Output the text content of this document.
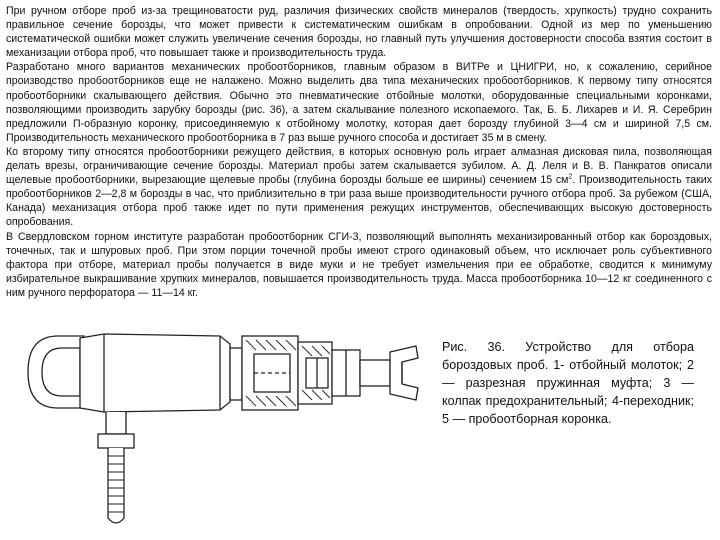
При ручном отборе проб из-за трещиноватости руд, различия физических свойств минералов (твердость, хрупкость) трудно сохранить правильное сечение борозды, что может привести к систематическим ошибкам в опробовании. Одной из мер по уменьшению систематической ошибки может служить увеличение сечения борозды, но главный путь улучшения достоверности способа взятия состоит в механизации отбора проб, что повышает также и производительность труда.

Разработано много вариантов механических пробоотборников, главным образом в ВИТРе и ЦНИГРИ, но, к сожалению, серийное производство пробоотборников еще не налажено. Можно выделить два типа механических пробоотборников. К первому типу относятся пробоотборники скалывающего действия. Обычно это пневматические отбойные молотки, оборудованные специальными коронками, позволяющими производить зарубку борозды (рис. 36), а затем скалывание полезного ископаемого. Так, Б. Б. Лихарев и И. Я. Серебрин предложили П-образную коронку, присоединяемую к отбойному молотку, которая дает борозду глубиной 3—4 см и шириной 7,5 см. Производительность механического пробоотборника в 7 раз выше ручного способа и достигает 35 м в смену.

Ко второму типу относятся пробоотборники режущего действия, в которых основную роль играет алмазная дисковая пила, позволяющая делать врезы, ограничивающие сечение борозды. Материал пробы затем скалывается зубилом. А. Д. Леля и В. В. Панкратов описали щелевые пробоотборники, вырезающие щелевые пробы (глубина борозды больше ее ширины) сечением 15 $см^2$. Производительность таких пробоотборников 2—2,8 м борозды в час, что приблизительно в три раза выше производительности ручного отбора проб. За рубежом (США, Канада) механизация отбора проб также идет по пути применения режущих инструментов, обеспечивающих высокую достоверность опробования.

В Свердловском горном институте разработан пробоотборник СГИ-3, позволяющий выполнять механизированный отбор как бороздовых, точечных, так и шпуровых проб. При этом порции точечной пробы имеют строго одинаковый объем, что исключает роль субъективного фактора при отборе, материал пробы получается в виде муки и не требует измельчения при ее обработке, сводится к минимуму избирательное выкрашивание хрупких минералов, повышается производительность труда. Масса пробоотборника 10—12 кг соединенного с ним ручного перфоратора — 11—14 кг.

Рис. 36. Устройство для отбора бороздовых проб. 1- отбойный молоток; 2 — разрезная пружинная муфта; 3 — колпак предохранительный; 4-переходник; 5 — пробоотборная коронка.
